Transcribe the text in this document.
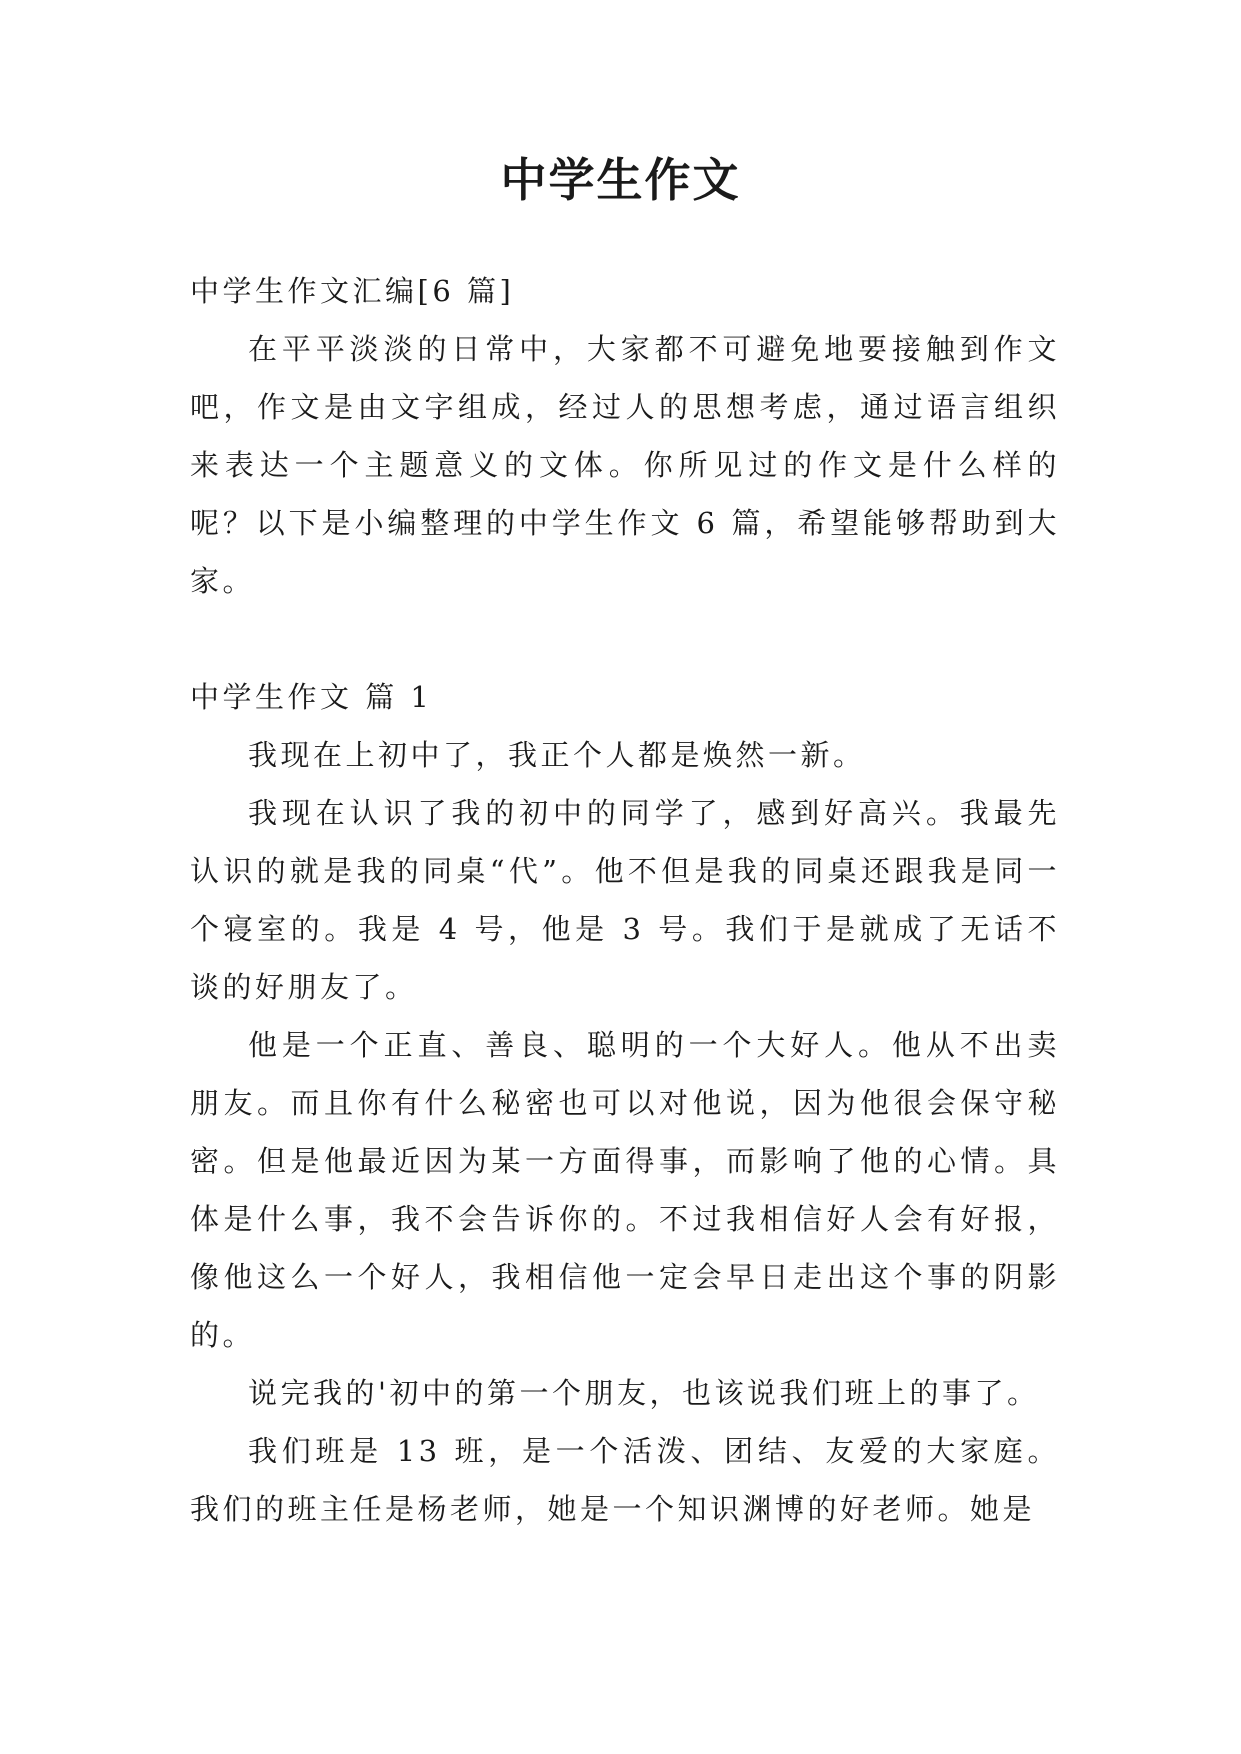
中学生作文

中学生作文汇编[6 篇]

在平平淡淡的日常中，大家都不可避免地要接触到作文吧，作文是由文字组成，经过人的思想考虑，通过语言组织来表达一个主题意义的文体。你所见过的作文是什么样的呢？以下是小编整理的中学生作文 6 篇，希望能够帮助到大家。

中学生作文 篇 1

我现在上初中了，我正个人都是焕然一新。

我现在认识了我的初中的同学了，感到好高兴。我最先认识的就是我的同桌“代”。他不但是我的同桌还跟我是同一个寝室的。我是 4 号，他是 3 号。我们于是就成了无话不谈的好朋友了。

他是一个正直、善良、聪明的一个大好人。他从不出卖朋友。而且你有什么秘密也可以对他说，因为他很会保守秘密。但是他最近因为某一方面得事，而影响了他的心情。具体是什么事，我不会告诉你的。不过我相信好人会有好报，像他这么一个好人，我相信他一定会早日走出这个事的阴影的。

说完我的'初中的第一个朋友，也该说我们班上的事了。

我们班是 13 班，是一个活泼、团结、友爱的大家庭。我们的班主任是杨老师，她是一个知识渊博的好老师。她是
